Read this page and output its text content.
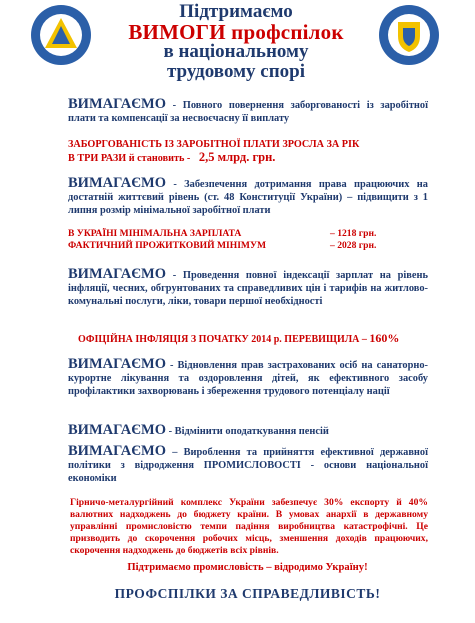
Підтримаємо
ВИМОГИ профспілок
в національному
трудовому спорі
ВИМАГАЄМО - Повного повернення заборгованості із заробітної плати та компенсації за несвоєчасну її виплату
ЗАБОРГОВАНІСТЬ ІЗ ЗАРОБІТНОЇ ПЛАТИ ЗРОСЛА ЗА РІК
В ТРИ РАЗИ й становить - 2,5 млрд. грн.
ВИМАГАЄМО - Забезпечення дотримання права працюючих на достатній життєвий рівень (ст. 48 Конституції України) – підвищити з 1 липня розмір мінімальної заробітної плати
В УКРАЇНІ МІНІМАЛЬНА ЗАРПЛАТА	– 1218 грн.
ФАКТИЧНИЙ ПРОЖИТКОВИЙ МІНІМУМ	– 2028 грн.
ВИМАГАЄМО - Проведення повної індексації зарплат на рівень інфляції, чесних, обгрунтованих та справедливих цін і тарифів на житлово-комунальні послуги, ліки, товари першої необхідності
ОФІЦІЙНА ІНФЛЯЦІЯ З ПОЧАТКУ 2014 р. ПЕРЕВИЩИЛА – 160%
ВИМАГАЄМО - Відновлення прав застрахованих осіб на санаторно-курортне лікування та оздоровлення дітей, як ефективного засобу профілактики захворювань і збереження трудового потенціалу нації
ВИМАГАЄМО - Відмінити оподаткування пенсій
ВИМАГАЄМО – Вироблення та прийняття ефективної державної політики з відродження ПРОМИСЛОВОСТІ - основи національної економіки
Гірничо-металургійний комплекс України забезпечує 30% експорту й 40% валютних надходжень до бюджету країни. В умовах анархії в державному управлінні промисловістю темпи падіння виробництва катастрофічні. Це призводить до скорочення робочих місць, зменшення доходів працюючих, скорочення надходжень до бюджетів всіх рівнів.
Підтримаємо промисловість – відродимо Україну!
ПРОФСПІЛКИ ЗА СПРАВЕДЛИВІСТЬ!
